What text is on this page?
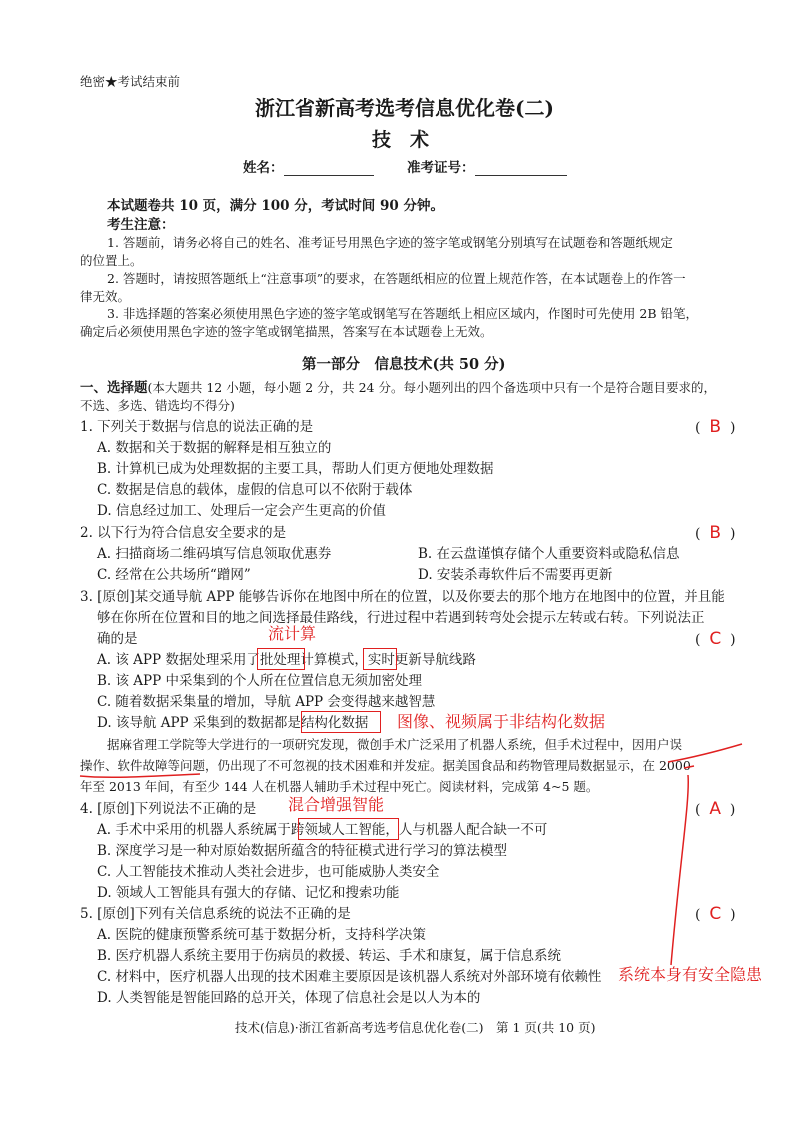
绝密★考试结束前
浙江省新高考选考信息优化卷(二)
技　术
姓名：	准考证号：
本试题卷共 10 页，满分 100 分，考试时间 90 分钟。
考生注意：
1. 答题前，请务必将自己的姓名、准考证号用黑色字迹的签字笔或钢笔分别填写在试题卷和答题纸规定
的位置上。
2. 答题时，请按照答题纸上“注意事项”的要求，在答题纸相应的位置上规范作答，在本试题卷上的作答一
律无效。
3. 非选择题的答案必须使用黑色字迹的签字笔或钢笔写在答题纸上相应区域内，作图时可先使用 2B 铅笔，
确定后必须使用黑色字迹的签字笔或钢笔描黑，答案写在本试题卷上无效。
第一部分　信息技术(共 50 分)
一、选择题(本大题共 12 小题，每小题 2 分，共 24 分。每小题列出的四个备选项中只有一个是符合题目要求的，
不选、多选、错选均不得分)
1. 下列关于数据与信息的说法正确的是	(  B  )
A. 数据和关于数据的解释是相互独立的
B. 计算机已成为处理数据的主要工具，帮助人们更方便地处理数据
C. 数据是信息的载体，虚假的信息可以不依附于载体
D. 信息经过加工、处理后一定会产生更高的价值
2. 以下行为符合信息安全要求的是	(  B  )
A. 扫描商场二维码填写信息领取优惠券	B. 在云盘谨慎存储个人重要资料或隐私信息
C. 经常在公共场所“蹭网”	D. 安装杀毒软件后不需要再更新
3. [原创]某交通导航 APP 能够告诉你在地图中所在的位置，以及你要去的那个地方在地图中的位置，并且能
够在你所在位置和目的地之间选择最佳路线，行进过程中若遇到转弯处会提示左转或右转。下列说法正
确的是	流计算	(  C  )
A. 该 APP 数据处理采用了批处理计算模式，实时更新导航线路
B. 该 APP 中采集到的个人所在位置信息无须加密处理
C. 随着数据采集量的增加，导航 APP 会变得越来越智慧
D. 该导航 APP 采集到的数据都是结构化数据 图像、视频属于非结构化数据
据麻省理工学院等大学进行的一项研究发现，微创手术广泛采用了机器人系统，但手术过程中，因用户误
操作、软件故障等问题，仍出现了不可忽视的技术困难和并发症。据美国食品和药物管理局数据显示，在 2000
年至 2013 年间，有至少 144 人在机器人辅助手术过程中死亡。阅读材料，完成第 4~5 题。
混合增强智能
4. [原创]下列说法不正确的是	(  A  )
A. 手术中采用的机器人系统属于跨领域人工智能，人与机器人配合缺一不可
B. 深度学习是一种对原始数据所蕴含的特征模式进行学习的算法模型
C. 人工智能技术推动人类社会进步，也可能威胁人类安全
D. 领域人工智能具有强大的存储、记忆和搜索功能
5. [原创]下列有关信息系统的说法不正确的是	(  C  )
A. 医院的健康预警系统可基于数据分析，支持科学决策
B. 医疗机器人系统主要用于伤病员的救援、转运、手术和康复，属于信息系统
C. 材料中，医疗机器人出现的技术困难主要原因是该机器人系统对外部环境有依赖性 系统本身有安全隐患
D. 人类智能是智能回路的总开关，体现了信息社会是以人为本的
技术(信息)·浙江省新高考选考信息优化卷(二)　第 1 页(共 10 页)
